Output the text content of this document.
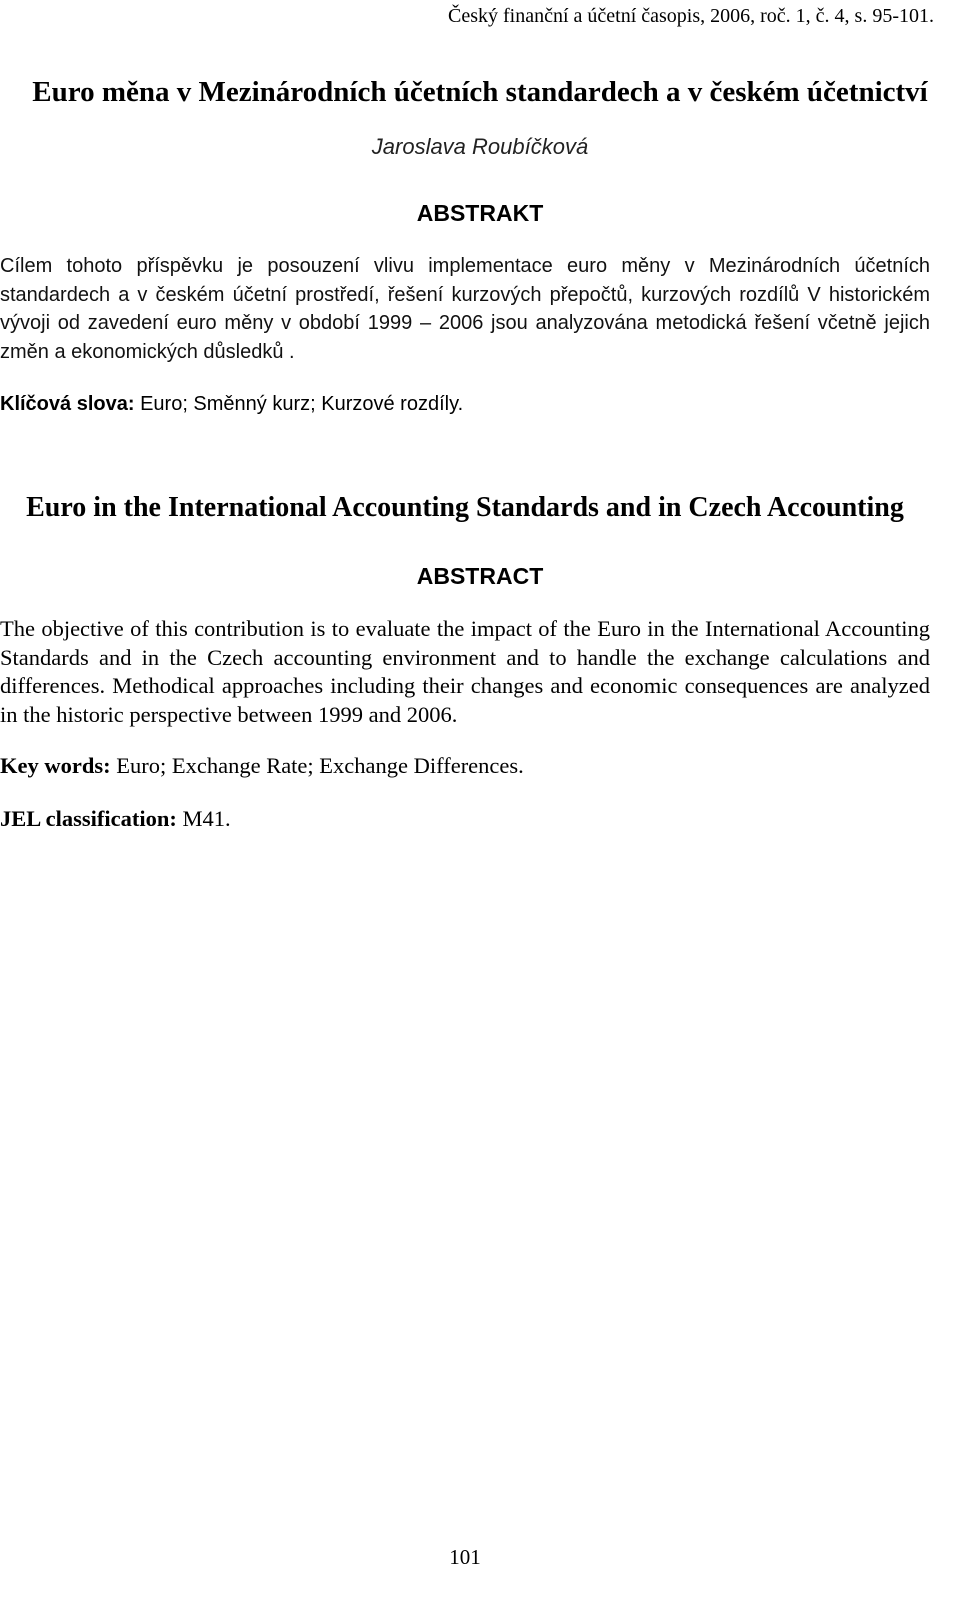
Český finanční a účetní časopis, 2006, roč. 1, č. 4, s. 95-101.
Euro měna v Mezinárodních účetních standardech a v českém účetnictví
Jaroslava Roubíčková
ABSTRAKT

Cílem tohoto příspěvku je posouzení vlivu implementace euro měny v Mezinárodních účetních standardech a v českém účetní prostředí, řešení kurzových přepočtů, kurzových rozdílů V historickém vývoji od zavedení euro měny v období 1999 – 2006 jsou analyzována metodická řešení včetně jejich změn a ekonomických důsledků .

Klíčová slova: Euro; Směnný kurz; Kurzové rozdíly.

Euro in the International Accounting Standards and in Czech Accounting
ABSTRACT

The objective of this contribution is to evaluate the impact of the Euro in the International Accounting Standards and in the Czech accounting environment and to handle the exchange calculations and differences. Methodical approaches including their changes and economic consequences are analyzed in the historic perspective between 1999 and 2006.

Key words: Euro; Exchange Rate; Exchange Differences.

JEL classification: M41.

101
